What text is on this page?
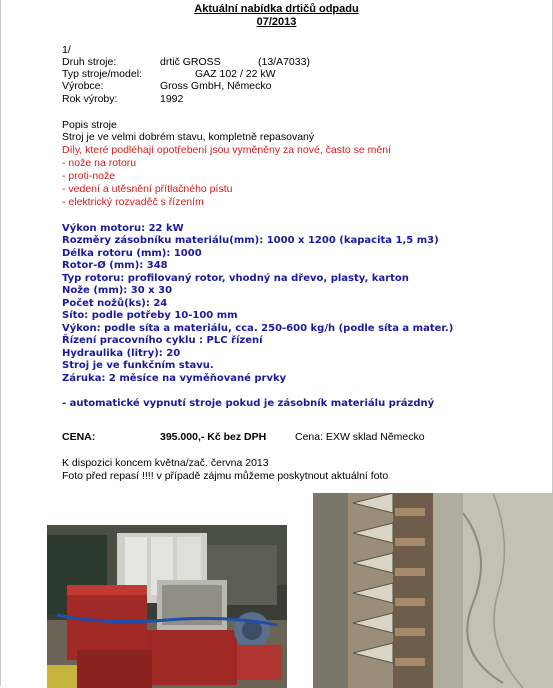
Aktuální nabídka drtičů odpadu
07/2013
1/
Druh stroje:	drtič GROSS	(13/A7033)
Typ stroje/model:	GAZ 102 / 22 kW
Výrobce:	Gross GmbH, Německo
Rok výroby:	1992
Popis stroje
Stroj je ve velmi dobrém stavu, kompletně repasovaný
Díly, které podléhají opotřebení jsou vyměněny za nové, často se mění
- nože na rotoru
- proti-nože
- vedení a utěsnění přítlačného pístu
- elektrický rozvaděč s řízením
Výkon motoru: 22 kW
Rozměry zásobníku materiálu(mm): 1000 x 1200 (kapacita 1,5 m3)
Délka rotoru (mm): 1000
Rotor-Ø (mm): 348
Typ rotoru: profilovaný rotor, vhodný na dřevo, plasty, karton
Nože (mm): 30 x 30
Počet nožů(ks): 24
Síto: podle potřeby 10-100 mm
Výkon: podle síta a materiálu, cca. 250-600 kg/h (podle síta a mater.)
Řízení pracovního cyklu : PLC řízení
Hydraulika (litry): 20
Stroj je ve funkčním stavu.
Záruka: 2 měsíce na vyměňované prvky
- automatické vypnutí stroje pokud je zásobník materiálu prázdný
CENA:	395.000,- Kč bez DPH	Cena: EXW sklad Německo
K dispozici koncem května/zač. června 2013
Foto před repasí !!!! v případě zájmu můžeme poskytnout aktuální foto
